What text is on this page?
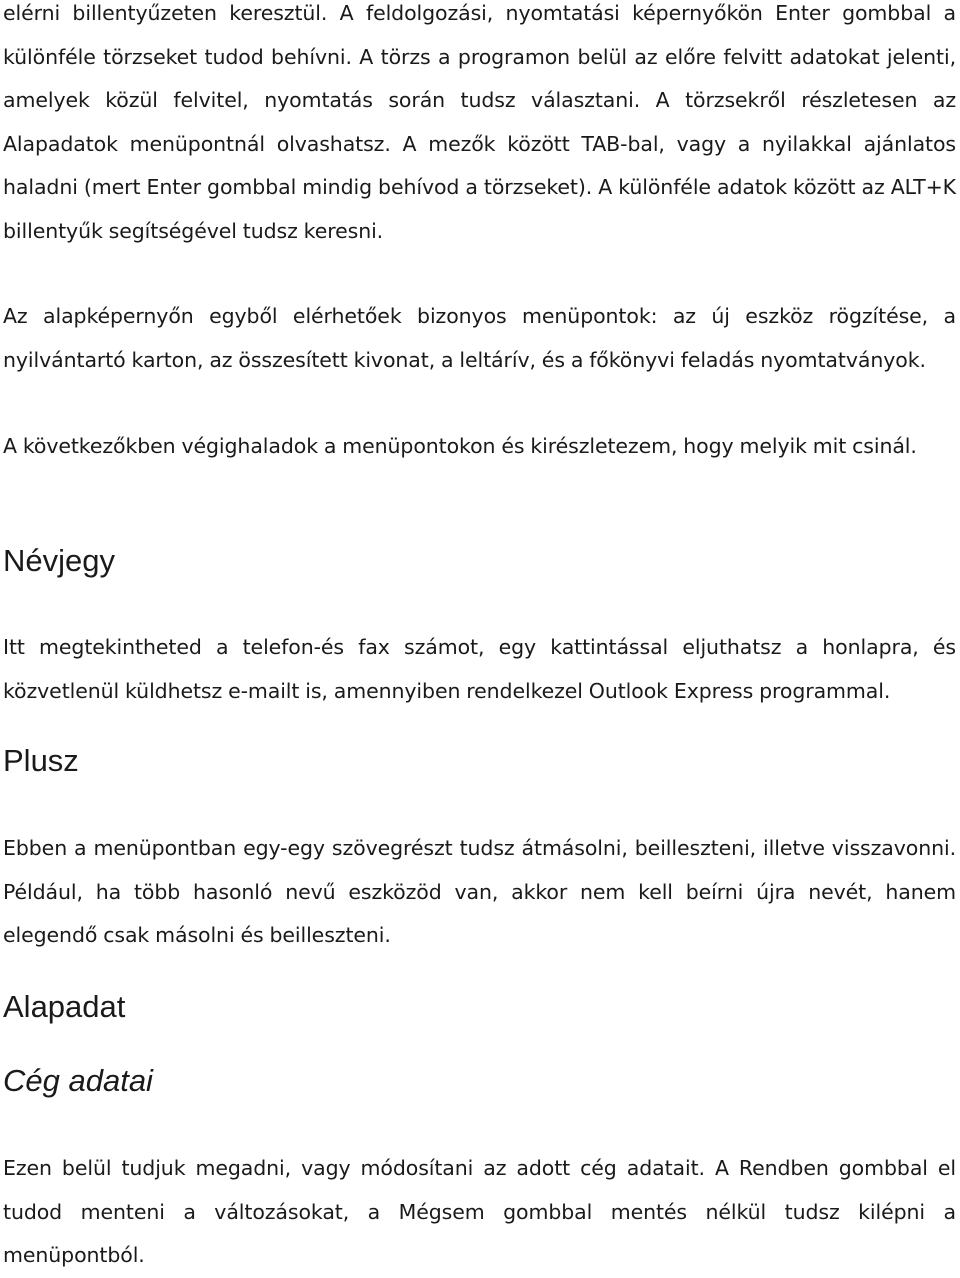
elérni billentyűzeten keresztül. A feldolgozási, nyomtatási képernyőkön Enter gombbal a különféle törzseket tudod behívni. A törzs a programon belül az előre felvitt adatokat jelenti, amelyek közül felvitel, nyomtatás során tudsz választani. A törzsekről részletesen az Alapadatok menüpontnál olvashatsz. A mezők között TAB-bal, vagy a nyilakkal ajánlatos haladni (mert Enter gombbal mindig behívod a törzseket). A különféle adatok között az ALT+K billentyűk segítségével tudsz keresni.

Az alapképernyőn egyből elérhetőek bizonyos menüpontok: az új eszköz rögzítése, a nyilvántartó karton, az összesített kivonat, a leltárív, és a főkönyvi feladás nyomtatványok.

A következőkben végighaladok a menüpontokon és kirészletezem, hogy melyik mit csinál.

Névjegy

Itt megtekintheted a telefon-és fax számot, egy kattintással eljuthatsz a honlapra, és közvetlenül küldhetsz e-mailt is, amennyiben rendelkezel Outlook Express programmal.

Plusz

Ebben a menüpontban egy-egy szövegrészt tudsz átmásolni, beilleszteni, illetve visszavonni. Például, ha több hasonló nevű eszközöd van, akkor nem kell beírni újra nevét, hanem elegendő csak másolni és beilleszteni.

Alapadat
Cég adatai

Ezen belül tudjuk megadni, vagy módosítani az adott cég adatait. A Rendben gombbal el tudod menteni a változásokat, a Mégsem gombbal mentés nélkül tudsz kilépni a menüpontból.
